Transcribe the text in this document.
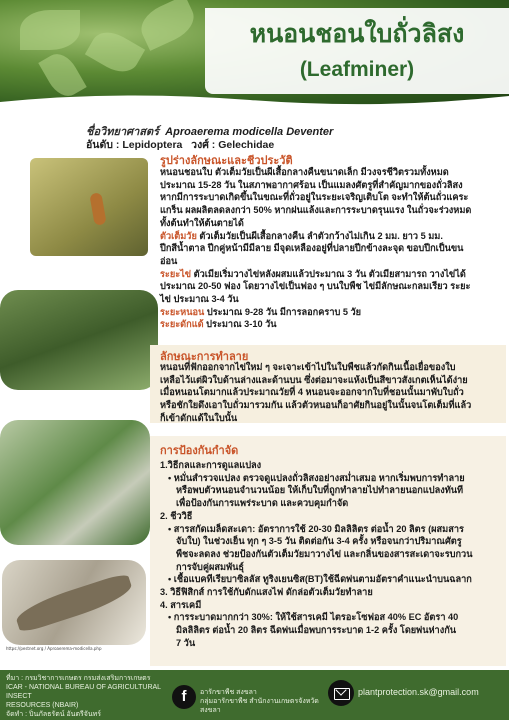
หนอนชอนใบถั่วลิสง
(Leafminer)
ชื่อวิทยาศาสตร์ Aproaerema modicella Deventer
อันดับ : Lepidoptera วงศ์ : Gelechidae
https://pestnet.org / Aproaerema-modicella.php
รูปร่างลักษณะและชีวประวัติ
หนอนชอนใบ ตัวเต็มวัยเป็นผีเสื้อกลางคืนขนาดเล็ก มีวงจรชีวิตรวมทั้งหมด
ประมาณ 15-28 วัน ในสภาพอากาศร้อน เป็นแมลงศัตรูที่สำคัญมากของถั่วลิสง
หากมีการระบาดเกิดขึ้นในขณะที่ถั่วอยู่ในระยะเจริญเติบโต จะทำให้ต้นถั่วแคระ
แกร็น ผลผลิตลดลงกว่า 50% หากฝนแล้งและการระบาดรุนแรง ในถั่วจะร่วงหมด
ทั้งต้นทำให้ต้นตายได้
ตัวเต็มวัย ตัวเต็มวัยเป็นผีเสื้อกลางคืน ลำตัวกว้างไม่เกิน 2 มม. ยาว 5 มม.
ปีกสีน้ำตาล ปีกคู่หน้ามีมีลาย มีจุดเหลืองอยู่ที่ปลายปีกข้างละจุด ขอบปีกเป็นขน
อ่อน
ระยะไข่ ตัวเมียเริ่มวางไข่หลังผสมแล้วประมาณ 3 วัน ตัวเมียสามารถ วางไข่ได้
ประมาณ 20-50 ฟอง โดยวางไข่เป็นฟอง ๆ บนใบพืช ไข่มีลักษณะกลมเรียว ระยะ
ไข่ ประมาณ 3-4 วัน
ระยะหนอน ประมาณ 9-28 วัน มีการลอกคราบ 5 วัย
ระยะดักแด้ ประมาณ 3-10 วัน
ลักษณะการทำลาย
หนอนที่ฟักออกจากไข่ใหม่ ๆ จะเจาะเข้าไปในใบพืชแล้วกัดกินเนื้อเยื่อของใบ
เหลือไว้แต่ผิวใบด้านล่างและด้านบน ซึ่งต่อมาจะแห้งเป็นสีขาวสังเกตเห็นได้ง่าย
เมื่อหนอนโตมากแล้วประมาณวัยที่ 4 หนอนจะออกจากใบที่ชอนนั้นมาพับใบถั่ว
หรือชักใยดึงเอาใบถั่วมารวมกัน แล้วตัวหนอนก็อาศัยกินอยู่ในนั้นจนโตเต็มที่แล้ว
ก็เข้าดักแด้ในใบนั้น
การป้องกันกำจัด
1.วิธีกลและการดูแลแปลง
• หมั่นสำรวจแปลง ตรวจดูแปลงถั่วลิสงอย่างสม่ำเสมอ หากเริ่มพบการทำลาย
หรือพบตัวหนอนจำนวนน้อย ให้เก็บใบที่ถูกทำลายไปทำลายนอกแปลงทันที
เพื่อป้องกันการแพร่ระบาด และควบคุมกำจัด
2. ชีววิธี
• สารสกัดเมล็ดสะเดา: อัตราการใช้ 20-30 มิลลิลิตร ต่อน้ำ 20 ลิตร (ผสมสาร
จับใบ) ในช่วงเย็น ทุก ๆ 3-5 วัน ติดต่อกัน 3-4 ครั้ง หรือจนกว่าปริมาณศัตรู
พืชจะลดลง ช่วยป้องกันตัวเต็มวัยมาวางไข่ และกลิ่นของสารสะเดาจะรบกวน
การจับคู่ผสมพันธุ์
• เชื้อแบคทีเรียบาซิลลัส ทูริงเยนซิส(BT)ใช้ฉีดพ่นตามอัตราคำแนะนำบนฉลาก
3. วิธีฟิสิกส์ การใช้กับดักแสงไฟ ดักล่อตัวเต็มวัยทำลาย
4. สารเคมี
• การระบาดมากกว่า 30%: ให้ใช้สารเคมี ไตรอะโซฟอส 40% EC อัตรา 40
มิลลิลิตร ต่อน้ำ 20 ลิตร ฉีดพ่นเมื่อพบการระบาด 1-2 ครั้ง โดยพ่นห่างกัน
7 วัน
ที่มา : กรมวิชาการเกษตร กรมส่งเสริมการเกษตร
ICAR - NATIONAL BUREAU OF AGRICULTURAL INSECT
RESOURCES (NBAIR)
จัดทำ : ปิ่นภัลธรัตน์ อันตรีจันทร์
f	อารักขาพืช สงขลา
กลุ่มอารักขาพืช สำนักงานเกษตรจังหวัดสงขลา
plantprotection.sk@gmail.com
